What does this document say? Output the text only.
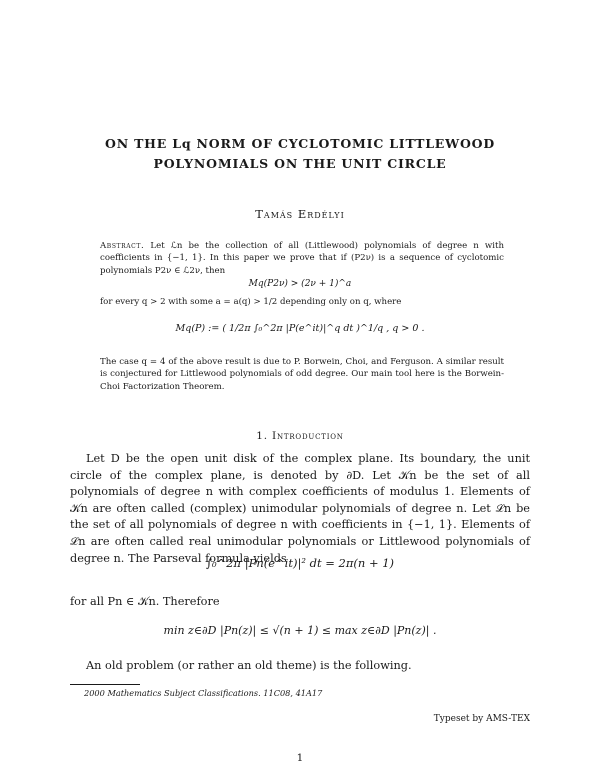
ON THE Lq NORM OF CYCLOTOMIC LITTLEWOOD
POLYNOMIALS ON THE UNIT CIRCLE
Tamás Erdélyi
Abstract. Let ℒn be the collection of all (Littlewood) polynomials of degree n with coefficients in {−1, 1}. In this paper we prove that if (P2ν) is a sequence of cyclotomic polynomials P2ν ∈ ℒ2ν, then
Mq(P2ν) > (2ν + 1)^a
for every q > 2 with some a = a(q) > 1/2 depending only on q, where
Mq(P) := ( 1/2π ∫₀^2π |P(e^it)|^q dt )^1/q , q > 0 .
The case q = 4 of the above result is due to P. Borwein, Choi, and Ferguson. A similar result is conjectured for Littlewood polynomials of odd degree. Our main tool here is the Borwein-Choi Factorization Theorem.
1. Introduction
Let D be the open unit disk of the complex plane. Its boundary, the unit circle of the complex plane, is denoted by ∂D. Let 𝒦n be the set of all polynomials of degree n with complex coefficients of modulus 1. Elements of 𝒦n are often called (complex) unimodular polynomials of degree n. Let ℒn be the set of all polynomials of degree n with coefficients in {−1, 1}. Elements of ℒn are often called real unimodular polynomials or Littlewood polynomials of degree n. The Parseval formula yields
∫₀^2π |Pn(e^it)|² dt = 2π(n + 1)
for all Pn ∈ 𝒦n. Therefore
min z∈∂D |Pn(z)| ≤ √(n + 1) ≤ max z∈∂D |Pn(z)| .
An old problem (or rather an old theme) is the following.
2000 Mathematics Subject Classifications. 11C08, 41A17
Typeset by AMS-TEX
1
